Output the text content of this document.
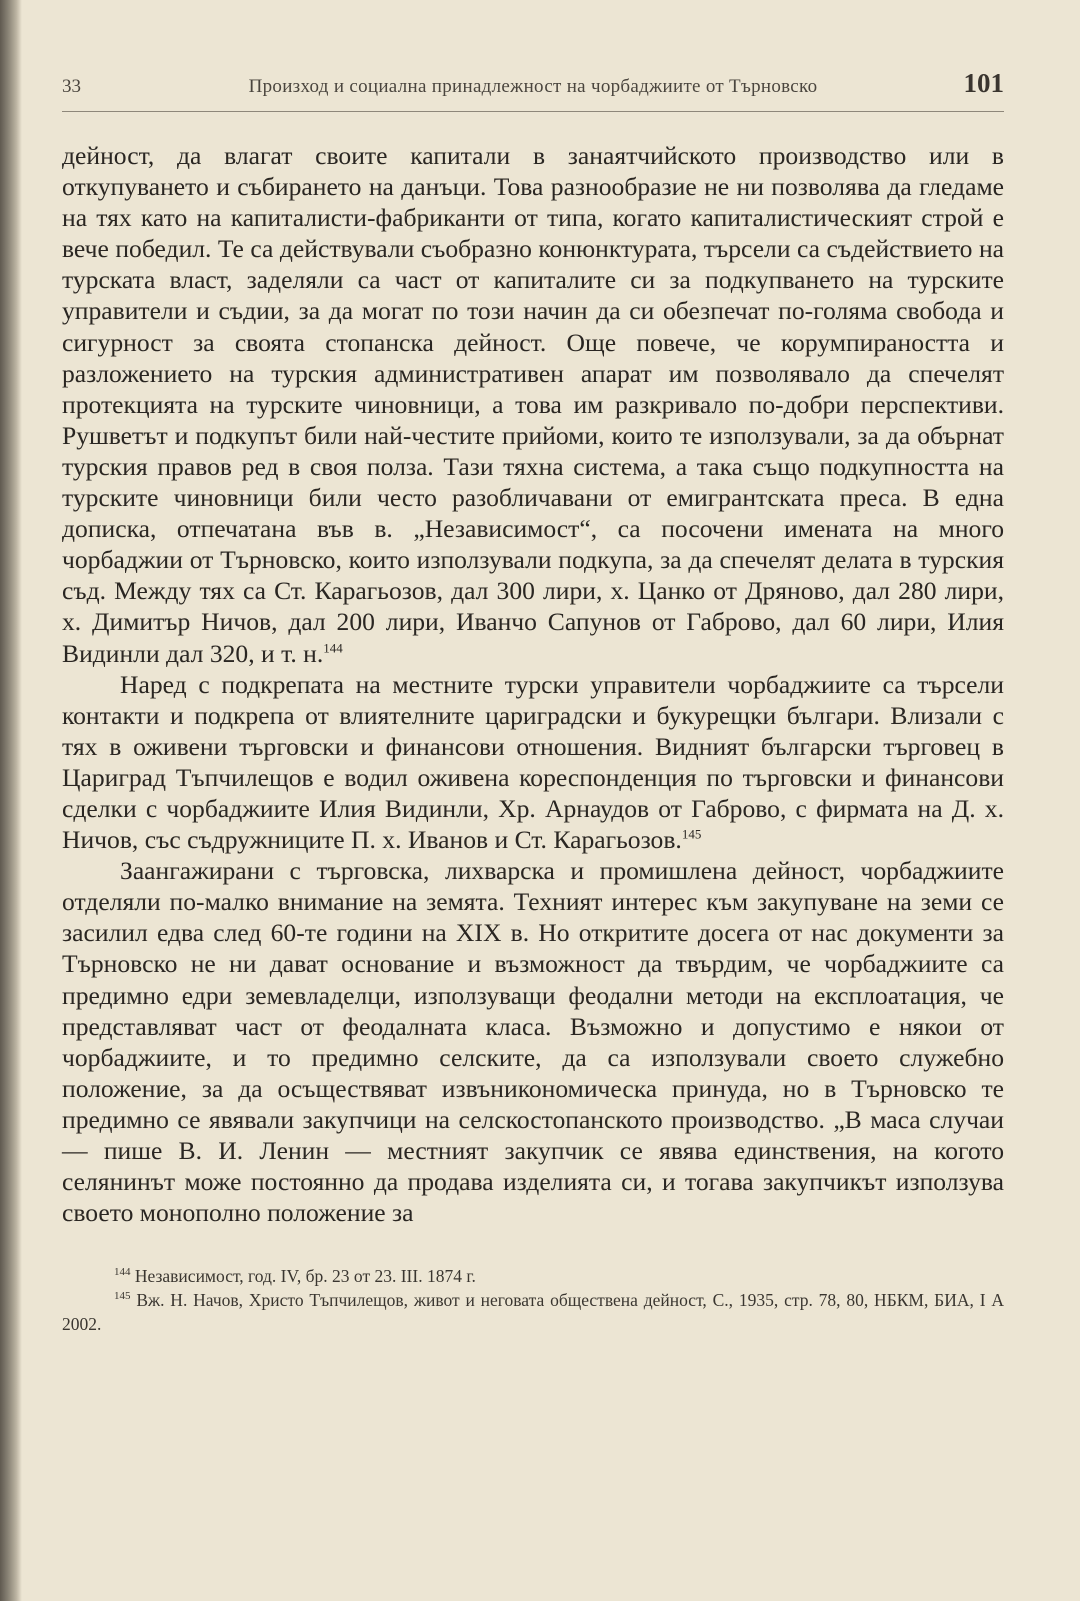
33	Произход и социална принадлежност на чорбаджиите от Търновско	101

дейност, да влагат своите капитали в занаятчийското производство или в откупуването и събирането на данъци. Това разнообразие не ни позволява да гледаме на тях като на капиталисти-фабриканти от типа, когато капиталистическият строй е вече победил. Те са действували съобразно конюнктурата, търсели са съдействието на турската власт, заделяли са част от капиталите си за подкупването на турските управители и съдии, за да могат по този начин да си обезпечат по-голяма свобода и сигурност за своята стопанска дейност. Още повече, че корумпираността и разложението на турския административен апарат им позволявало да спечелят протекцията на турските чиновници, а това им разкривало по-добри перспективи. Рушветът и подкупът били най-честите прийоми, които те използували, за да обърнат турския правов ред в своя полза. Тази тяхна система, а така също подкупността на турските чиновници били често разобличавани от емигрантската преса. В една дописка, отпечатана във в. „Независимост“, са посочени имената на много чорбаджии от Търновско, които използували подкупа, за да спечелят делата в турския съд. Между тях са Ст. Карагьозов, дал 300 лири, х. Цанко от Дряново, дал 280 лири, х. Димитър Ничов, дал 200 лири, Иванчо Сапунов от Габрово, дал 60 лири, Илия Видинли дал 320, и т. н.$^{144}$

Наред с подкрепата на местните турски управители чорбаджиите са търсели контакти и подкрепа от влиятелните цариградски и букурещки българи. Влизали с тях в оживени търговски и финансови отношения. Видният български търговец в Цариград Тъпчилещов е водил оживена кореспонденция по търговски и финансови сделки с чорбаджиите Илия Видинли, Хр. Арнаудов от Габрово, с фирмата на Д. х. Ничов, със съдружниците П. х. Иванов и Ст. Карагьозов.$^{145}$

Заангажирани с търговска, лихварска и промишлена дейност, чорбаджиите отделяли по-малко внимание на земята. Техният интерес към закупуване на земи се засилил едва след 60-те години на XIX в. Но откритите досега от нас документи за Търновско не ни дават основание и възможност да твърдим, че чорбаджиите са предимно едри земевладелци, използуващи феодални методи на експлоатация, че представляват част от феодалната класа. Възможно и допустимо е някои от чорбаджиите, и то предимно селските, да са използували своето служебно положение, за да осъществяват извъникономическа принуда, но в Търновско те предимно се явявали закупчици на селскостопанското производство. „В маса случаи — пише В. И. Ленин — местният закупчик се явява единствения, на когото селянинът може постоянно да продава изделията си, и тогава закупчикът използува своето монополно положение за

$^{144}$ Независимост, год. IV, бр. 23 от 23. III. 1874 г.

$^{145}$ Вж. Н. Начов, Христо Тъпчилещов, живот и неговата обществена дейност, С., 1935, стр. 78, 80, НБКМ, БИА, I А 2002.
